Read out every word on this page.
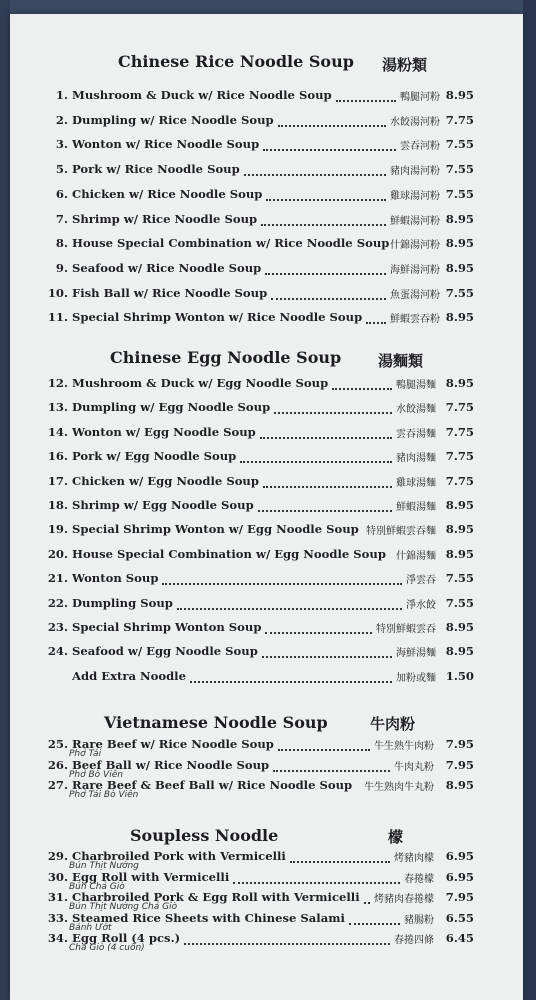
Chinese Rice Noodle Soup 湯粉類
1. Mushroom & Duck w/ Rice Noodle Soup	鴨腿河粉 8.95
2. Dumpling w/ Rice Noodle Soup	水餃湯河粉 7.75
3. Wonton w/ Rice Noodle Soup	雲吞河粉 7.55
5. Pork w/ Rice Noodle Soup	豬肉湯河粉 7.55
6. Chicken w/ Rice Noodle Soup	雞球湯河粉 7.55
7. Shrimp w/ Rice Noodle Soup	鮮蝦湯河粉 8.95
8. House Special Combination w/ Rice Noodle Soup 什錦湯河粉 8.95
9. Seafood w/ Rice Noodle Soup	海鮮湯河粉 8.95
10. Fish Ball w/ Rice Noodle Soup	魚蛋湯河粉 7.55
11. Special Shrimp Wonton w/ Rice Noodle Soup	鮮蝦雲吞粉 8.95
Chinese Egg Noodle Soup 湯麵類
12. Mushroom & Duck w/ Egg Noodle Soup	鴨腿湯麵 8.95
13. Dumpling w/ Egg Noodle Soup	水餃湯麵 7.75
14. Wonton w/ Egg Noodle Soup	雲吞湯麵 7.75
16. Pork w/ Egg Noodle Soup	豬肉湯麵 7.75
17. Chicken w/ Egg Noodle Soup	雞球湯麵 7.75
18. Shrimp w/ Egg Noodle Soup	鮮蝦湯麵 8.95
19. Special Shrimp Wonton w/ Egg Noodle Soup 特別鮮蝦雲吞麵 8.95
20. House Special Combination w/ Egg Noodle Soup 什錦湯麵 8.95
21. Wonton Soup	淨雲吞 7.55
22. Dumpling Soup	淨水餃 7.55
23. Special Shrimp Wonton Soup	特別鮮蝦雲吞 8.95
24. Seafood w/ Egg Noodle Soup	海鮮湯麵 8.95
Add Extra Noodle	加粉或麵 1.50
Vietnamese Noodle Soup	牛肉粉
25. Rare Beef w/ Rice Noodle Soup	牛生熟牛肉粉 7.95
Phở Tái
26. Beef Ball w/ Rice Noodle Soup	牛肉丸粉 7.95
Phở Bò Viên
27. Rare Beef & Beef Ball w/ Rice Noodle Soup 牛生熟肉牛丸粉 8.95
Phở Tái Bò Viên
Soupless Noodle	檬
29. Charbroiled Pork with Vermicelli	烤豬肉檬 6.95
Bún Thịt Nướng
30. Egg Roll with Vermicelli	春捲檬 6.95
Bún Chả Giò
31. Charbroiled Pork & Egg Roll with Vermicelli 烤豬肉春捲檬 7.95
Bún Thịt Nướng Chả Giò
33. Steamed Rice Sheets with Chinese Salami	豬腸粉 6.55
Bánh Ướt
34. Egg Roll (4 pcs.)	春捲四條 6.45
Chả Giò (4 cuốn)
